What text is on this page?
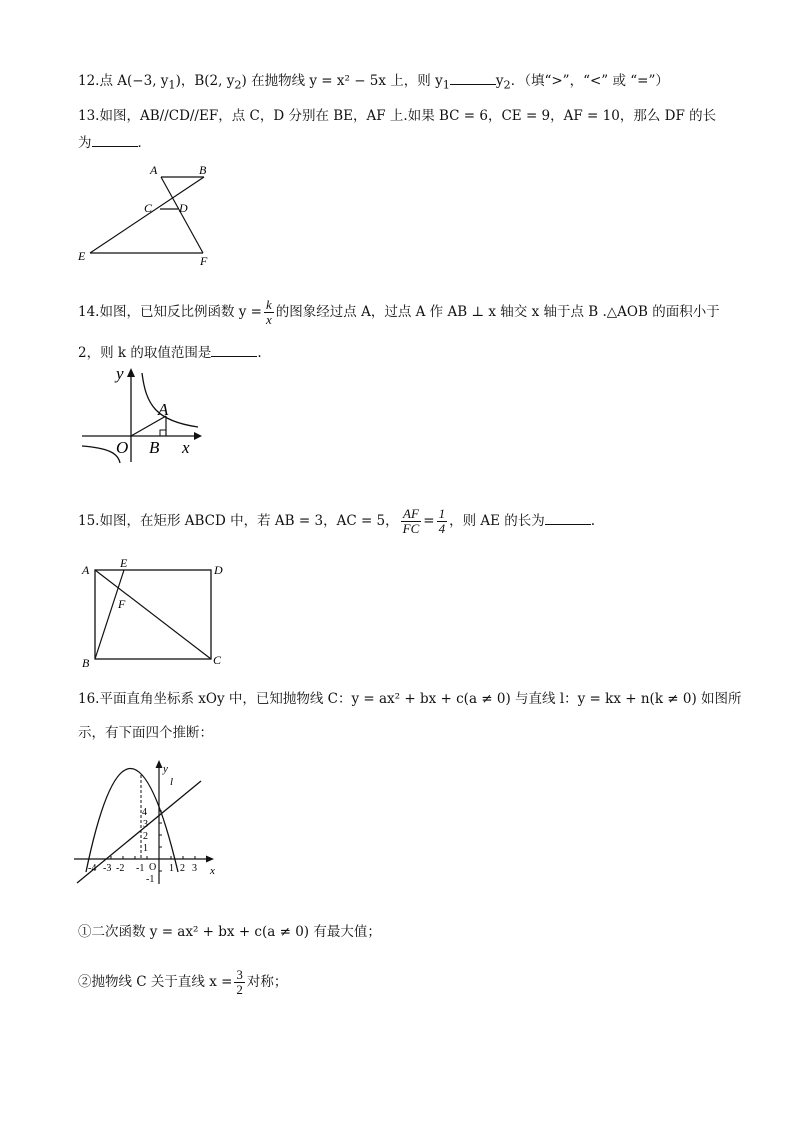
12.点 A(−3, $y_1$)，B(2, $y_2$) 在抛物线 y = x² − 5x 上，则 $y_1$	$y_2$．（填“>”，“<” 或 “=”）
13.如图，AB//CD//EF，点 C，D 分别在 BE，AF 上.如果 BC = 6，CE = 9，AF = 10，那么 DF 的长
为	．
A	B
C D
E	F
14.如图，已知反比例函数 $y = \frac{k}{x}$ 的图象经过点 A，过点 A 作 AB ⊥ x 轴交 x 轴于点 B .△AOB 的面积小于
2，则 k 的取值范围是	.
y
x
O B
A
15.如图，在矩形 ABCD 中，若 AB = 3，AC = 5， $\frac{AF}{FC} = \frac{1}{4}$ ，则 AE 的长为	.
A	E	D
F
B	C
16.平面直角坐标系 xOy 中，已知抛物线 C：y = ax² + bx + c(a ≠ 0) 与直线 l：y = kx + n(k ≠ 0) 如图所
示，有下面四个推断：
y
x
l
O
-4 -3 -2 -1 1 2 3
4
3
2
1
-1
①二次函数 y = ax² + bx + c(a ≠ 0) 有最大值；
②抛物线 C 关于直线 $x = \frac{3}{2}$ 对称；
